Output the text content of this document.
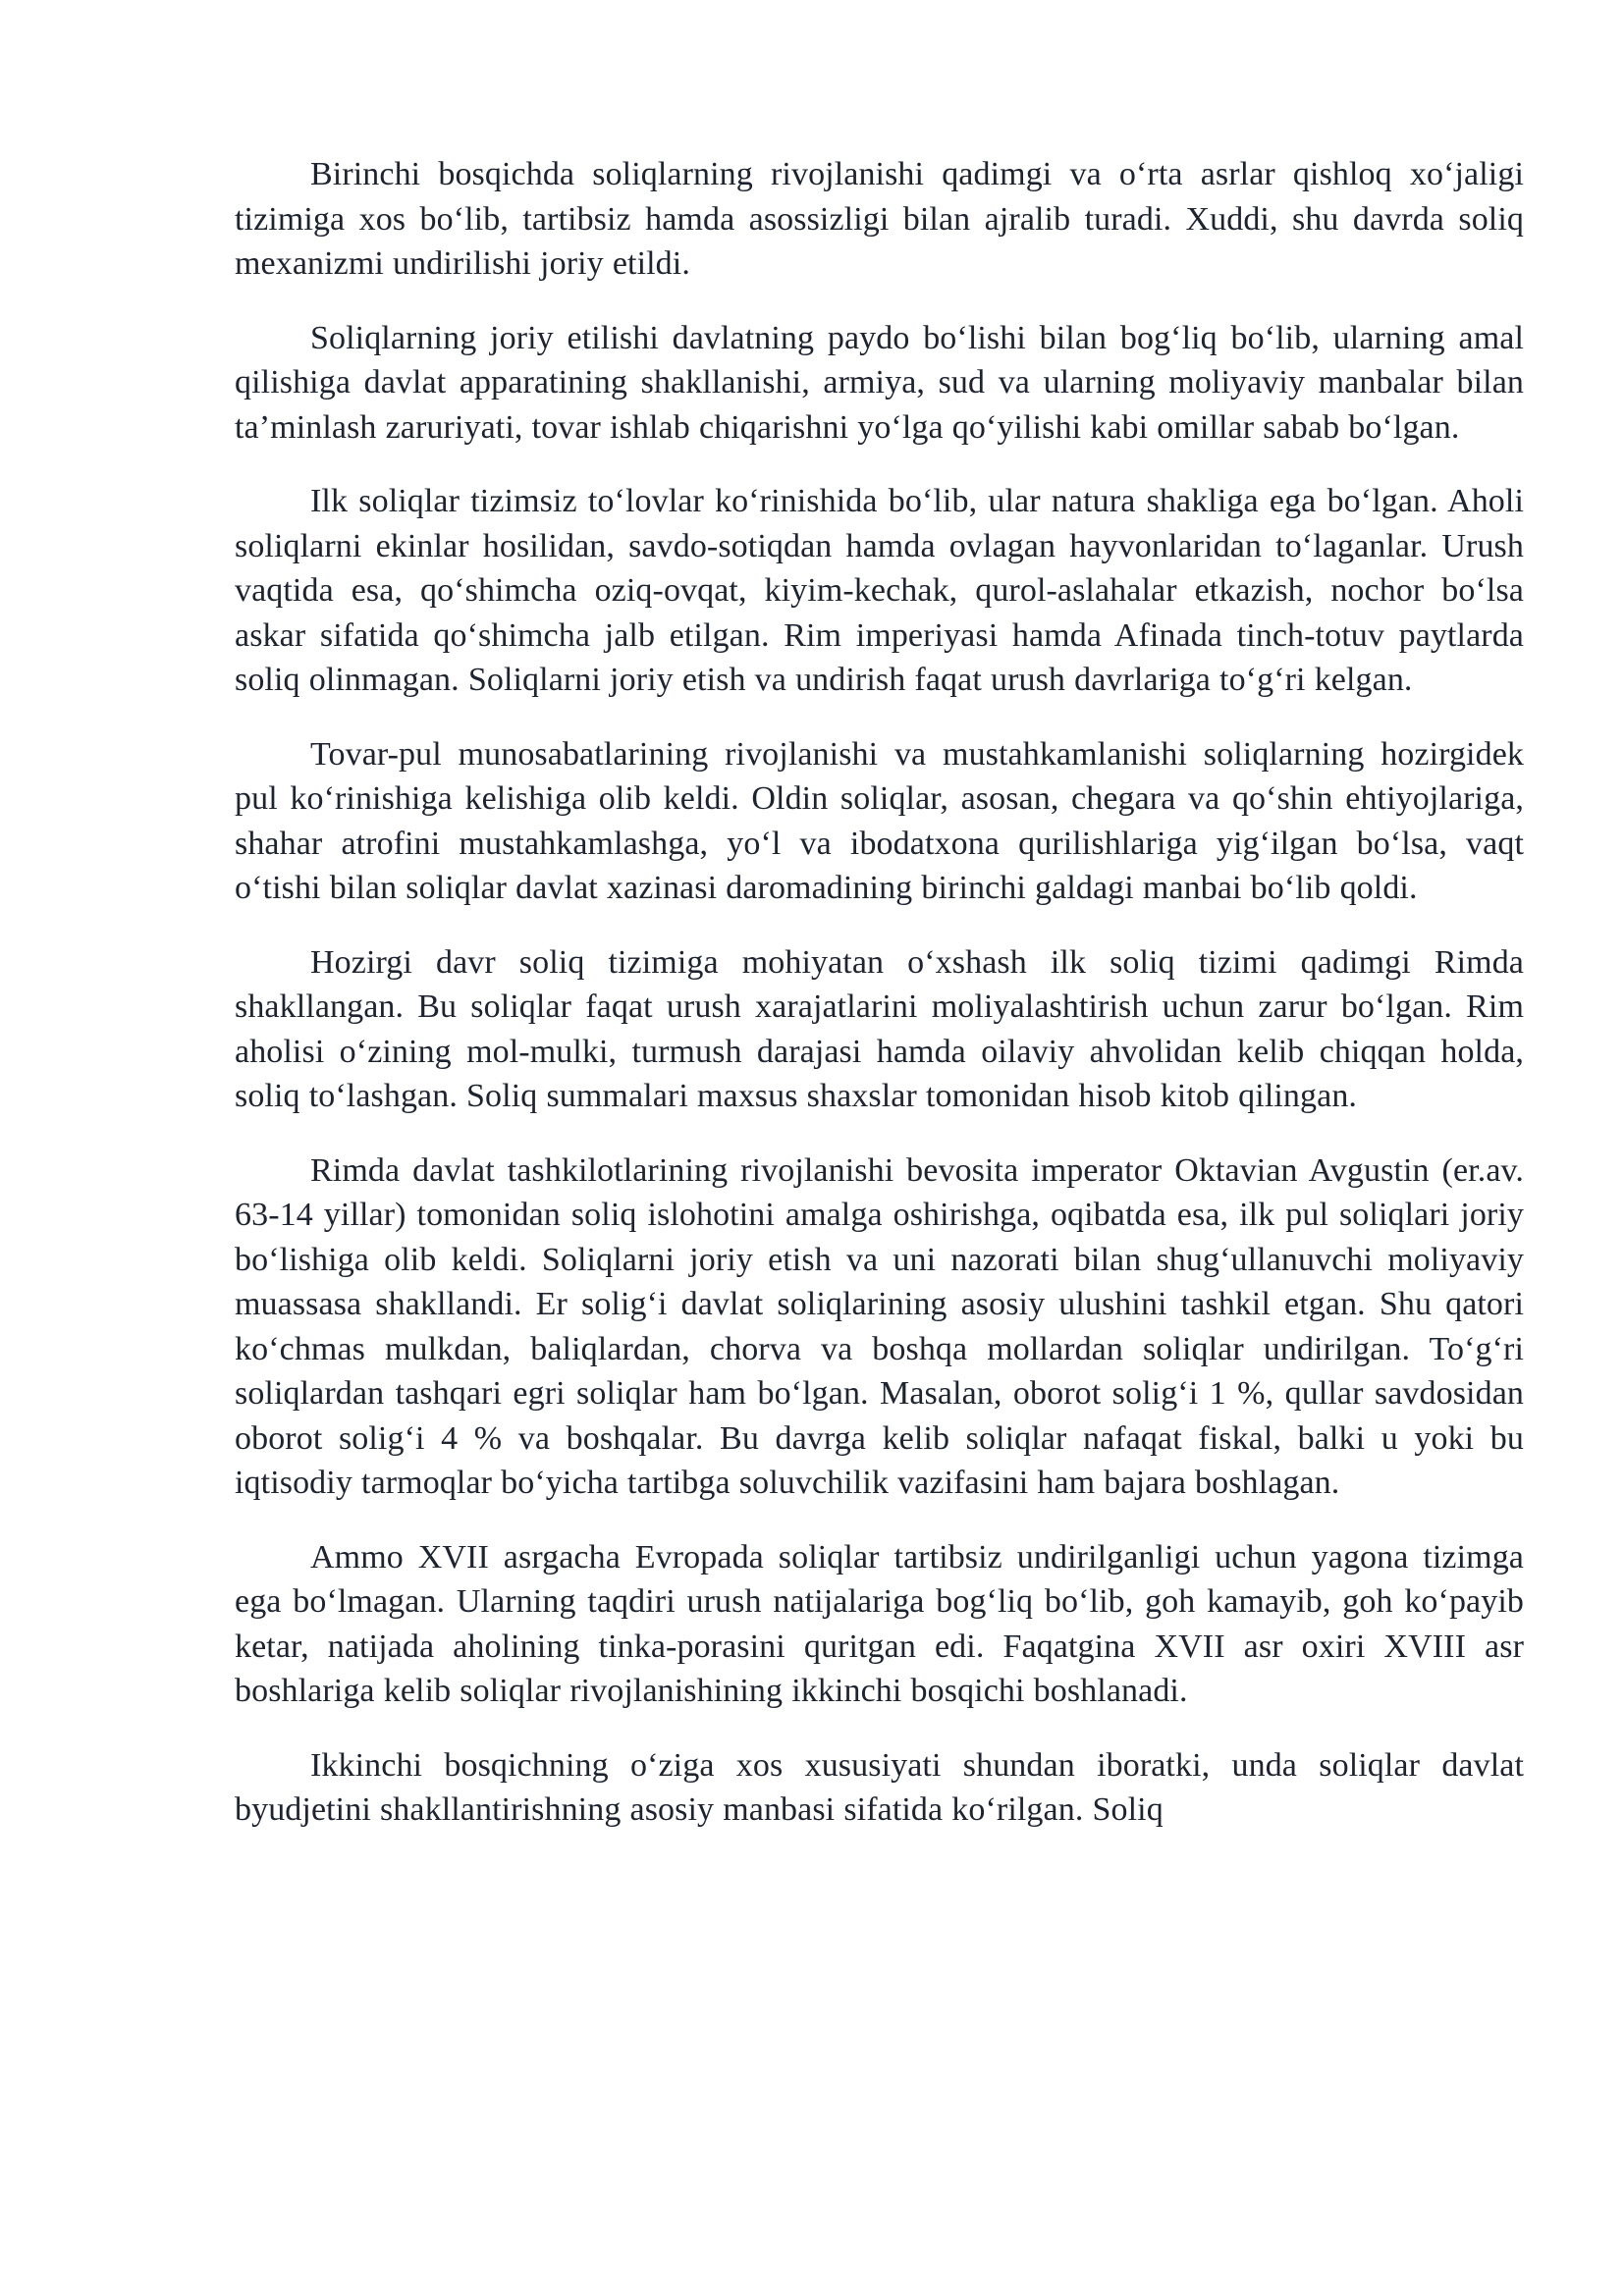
Birinchi bosqichda soliqlarning rivojlanishi qadimgi va o‘rta asrlar qishloq xo‘jaligi tizimiga xos bo‘lib, tartibsiz hamda asossizligi bilan ajralib turadi. Xuddi, shu davrda soliq mexanizmi undirilishi joriy etildi.

Soliqlarning joriy etilishi davlatning paydo bo‘lishi bilan bog‘liq bo‘lib, ularning amal qilishiga davlat apparatining shakllanishi, armiya, sud va ularning moliyaviy manbalar bilan ta’minlash zaruriyati, tovar ishlab chiqarishni yo‘lga qo‘yilishi kabi omillar sabab bo‘lgan.

Ilk soliqlar tizimsiz to‘lovlar ko‘rinishida bo‘lib, ular natura shakliga ega bo‘lgan. Aholi soliqlarni ekinlar hosilidan, savdo-sotiqdan hamda ovlagan hayvonlaridan to‘laganlar. Urush vaqtida esa, qo‘shimcha oziq-ovqat, kiyim-kechak, qurol-aslahalar etkazish, nochor bo‘lsa askar sifatida qo‘shimcha jalb etilgan. Rim imperiyasi hamda Afinada tinch-totuv paytlarda soliq olinmagan. Soliqlarni joriy etish va undirish faqat urush davrlariga to‘g‘ri kelgan.

Tovar-pul munosabatlarining rivojlanishi va mustahkamlanishi soliqlarning hozirgidek pul ko‘rinishiga kelishiga olib keldi. Oldin soliqlar, asosan, chegara va qo‘shin ehtiyojlariga, shahar atrofini mustahkamlashga, yo‘l va ibodatxona qurilishlariga yig‘ilgan bo‘lsa, vaqt o‘tishi bilan soliqlar davlat xazinasi daromadining birinchi galdagi manbai bo‘lib qoldi.

Hozirgi davr soliq tizimiga mohiyatan o‘xshash ilk soliq tizimi qadimgi Rimda shakllangan. Bu soliqlar faqat urush xarajatlarini moliyalashtirish uchun zarur bo‘lgan. Rim aholisi o‘zining mol-mulki, turmush darajasi hamda oilaviy ahvolidan kelib chiqqan holda, soliq to‘lashgan. Soliq summalari maxsus shaxslar tomonidan hisob kitob qilingan.

Rimda davlat tashkilotlarining rivojlanishi bevosita imperator Oktavian Avgustin (er.av. 63-14 yillar) tomonidan soliq islohotini amalga oshirishga, oqibatda esa, ilk pul soliqlari joriy bo‘lishiga olib keldi. Soliqlarni joriy etish va uni nazorati bilan shug‘ullanuvchi moliyaviy muassasa shakllandi. Er solig‘i davlat soliqlarining asosiy ulushini tashkil etgan. Shu qatori ko‘chmas mulkdan, baliqlardan, chorva va boshqa mollardan soliqlar undirilgan. To‘g‘ri soliqlardan tashqari egri soliqlar ham bo‘lgan. Masalan, oborot solig‘i 1 %, qullar savdosidan oborot solig‘i 4 % va boshqalar. Bu davrga kelib soliqlar nafaqat fiskal, balki u yoki bu iqtisodiy tarmoqlar bo‘yicha tartibga soluvchilik vazifasini ham bajara boshlagan.

Ammo XVII asrgacha Evropada soliqlar tartibsiz undirilganligi uchun yagona tizimga ega bo‘lmagan. Ularning taqdiri urush natijalariga bog‘liq bo‘lib, goh kamayib, goh ko‘payib ketar, natijada aholining tinka-porasini quritgan edi. Faqatgina XVII asr oxiri XVIII asr boshlariga kelib soliqlar rivojlanishining ikkinchi bosqichi boshlanadi.

Ikkinchi bosqichning o‘ziga xos xususiyati shundan iboratki, unda soliqlar davlat byudjetini shakllantirishning asosiy manbasi sifatida ko‘rilgan. Soliq
